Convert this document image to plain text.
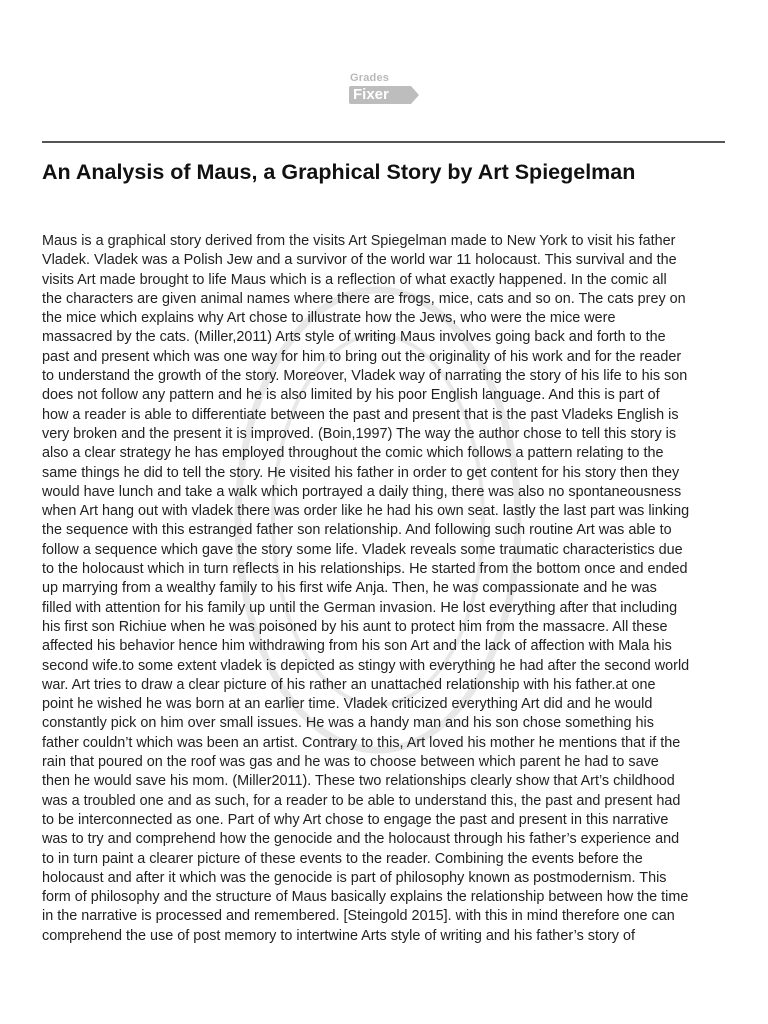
Grades
Fixer
An Analysis of Maus, a Graphical Story by Art Spiegelman
Maus is a graphical story derived from the visits Art Spiegelman made to New York to visit his father
Vladek. Vladek was a Polish Jew and a survivor of the world war 11 holocaust. This survival and the
visits Art made brought to life Maus which is a reflection of what exactly happened. In the comic all
the characters are given animal names where there are frogs, mice, cats and so on. The cats prey on
the mice which explains why Art chose to illustrate how the Jews, who were the mice were
massacred by the cats. (Miller,2011) Arts style of writing Maus involves going back and forth to the
past and present which was one way for him to bring out the originality of his work and for the reader
to understand the growth of the story. Moreover, Vladek way of narrating the story of his life to his son
does not follow any pattern and he is also limited by his poor English language. And this is part of
how a reader is able to differentiate between the past and present that is the past Vladeks English is
very broken and the present it is improved. (Boin,1997) The way the author chose to tell this story is
also a clear strategy he has employed throughout the comic which follows a pattern relating to the
same things he did to tell the story. He visited his father in order to get content for his story then they
would have lunch and take a walk which portrayed a daily thing, there was also no spontaneousness
when Art hang out with vladek there was order like he had his own seat. lastly the last part was linking
the sequence with this estranged father son relationship. And following such routine Art was able to
follow a sequence which gave the story some life. Vladek reveals some traumatic characteristics due
to the holocaust which in turn reflects in his relationships. He started from the bottom once and ended
up marrying from a wealthy family to his first wife Anja. Then, he was compassionate and he was
filled with attention for his family up until the German invasion. He lost everything after that including
his first son Richiue when he was poisoned by his aunt to protect him from the massacre. All these
affected his behavior hence him withdrawing from his son Art and the lack of affection with Mala his
second wife.to some extent vladek is depicted as stingy with everything he had after the second world
war. Art tries to draw a clear picture of his rather an unattached relationship with his father.at one
point he wished he was born at an earlier time. Vladek criticized everything Art did and he would
constantly pick on him over small issues. He was a handy man and his son chose something his
father couldn’t which was been an artist. Contrary to this, Art loved his mother he mentions that if the
rain that poured on the roof was gas and he was to choose between which parent he had to save
then he would save his mom. (Miller2011). These two relationships clearly show that Art’s childhood
was a troubled one and as such, for a reader to be able to understand this, the past and present had
to be interconnected as one. Part of why Art chose to engage the past and present in this narrative
was to try and comprehend how the genocide and the holocaust through his father’s experience and
to in turn paint a clearer picture of these events to the reader. Combining the events before the
holocaust and after it which was the genocide is part of philosophy known as postmodernism. This
form of philosophy and the structure of Maus basically explains the relationship between how the time
in the narrative is processed and remembered. [Steingold 2015]. with this in mind therefore one can
comprehend the use of post memory to intertwine Arts style of writing and his father’s story of
